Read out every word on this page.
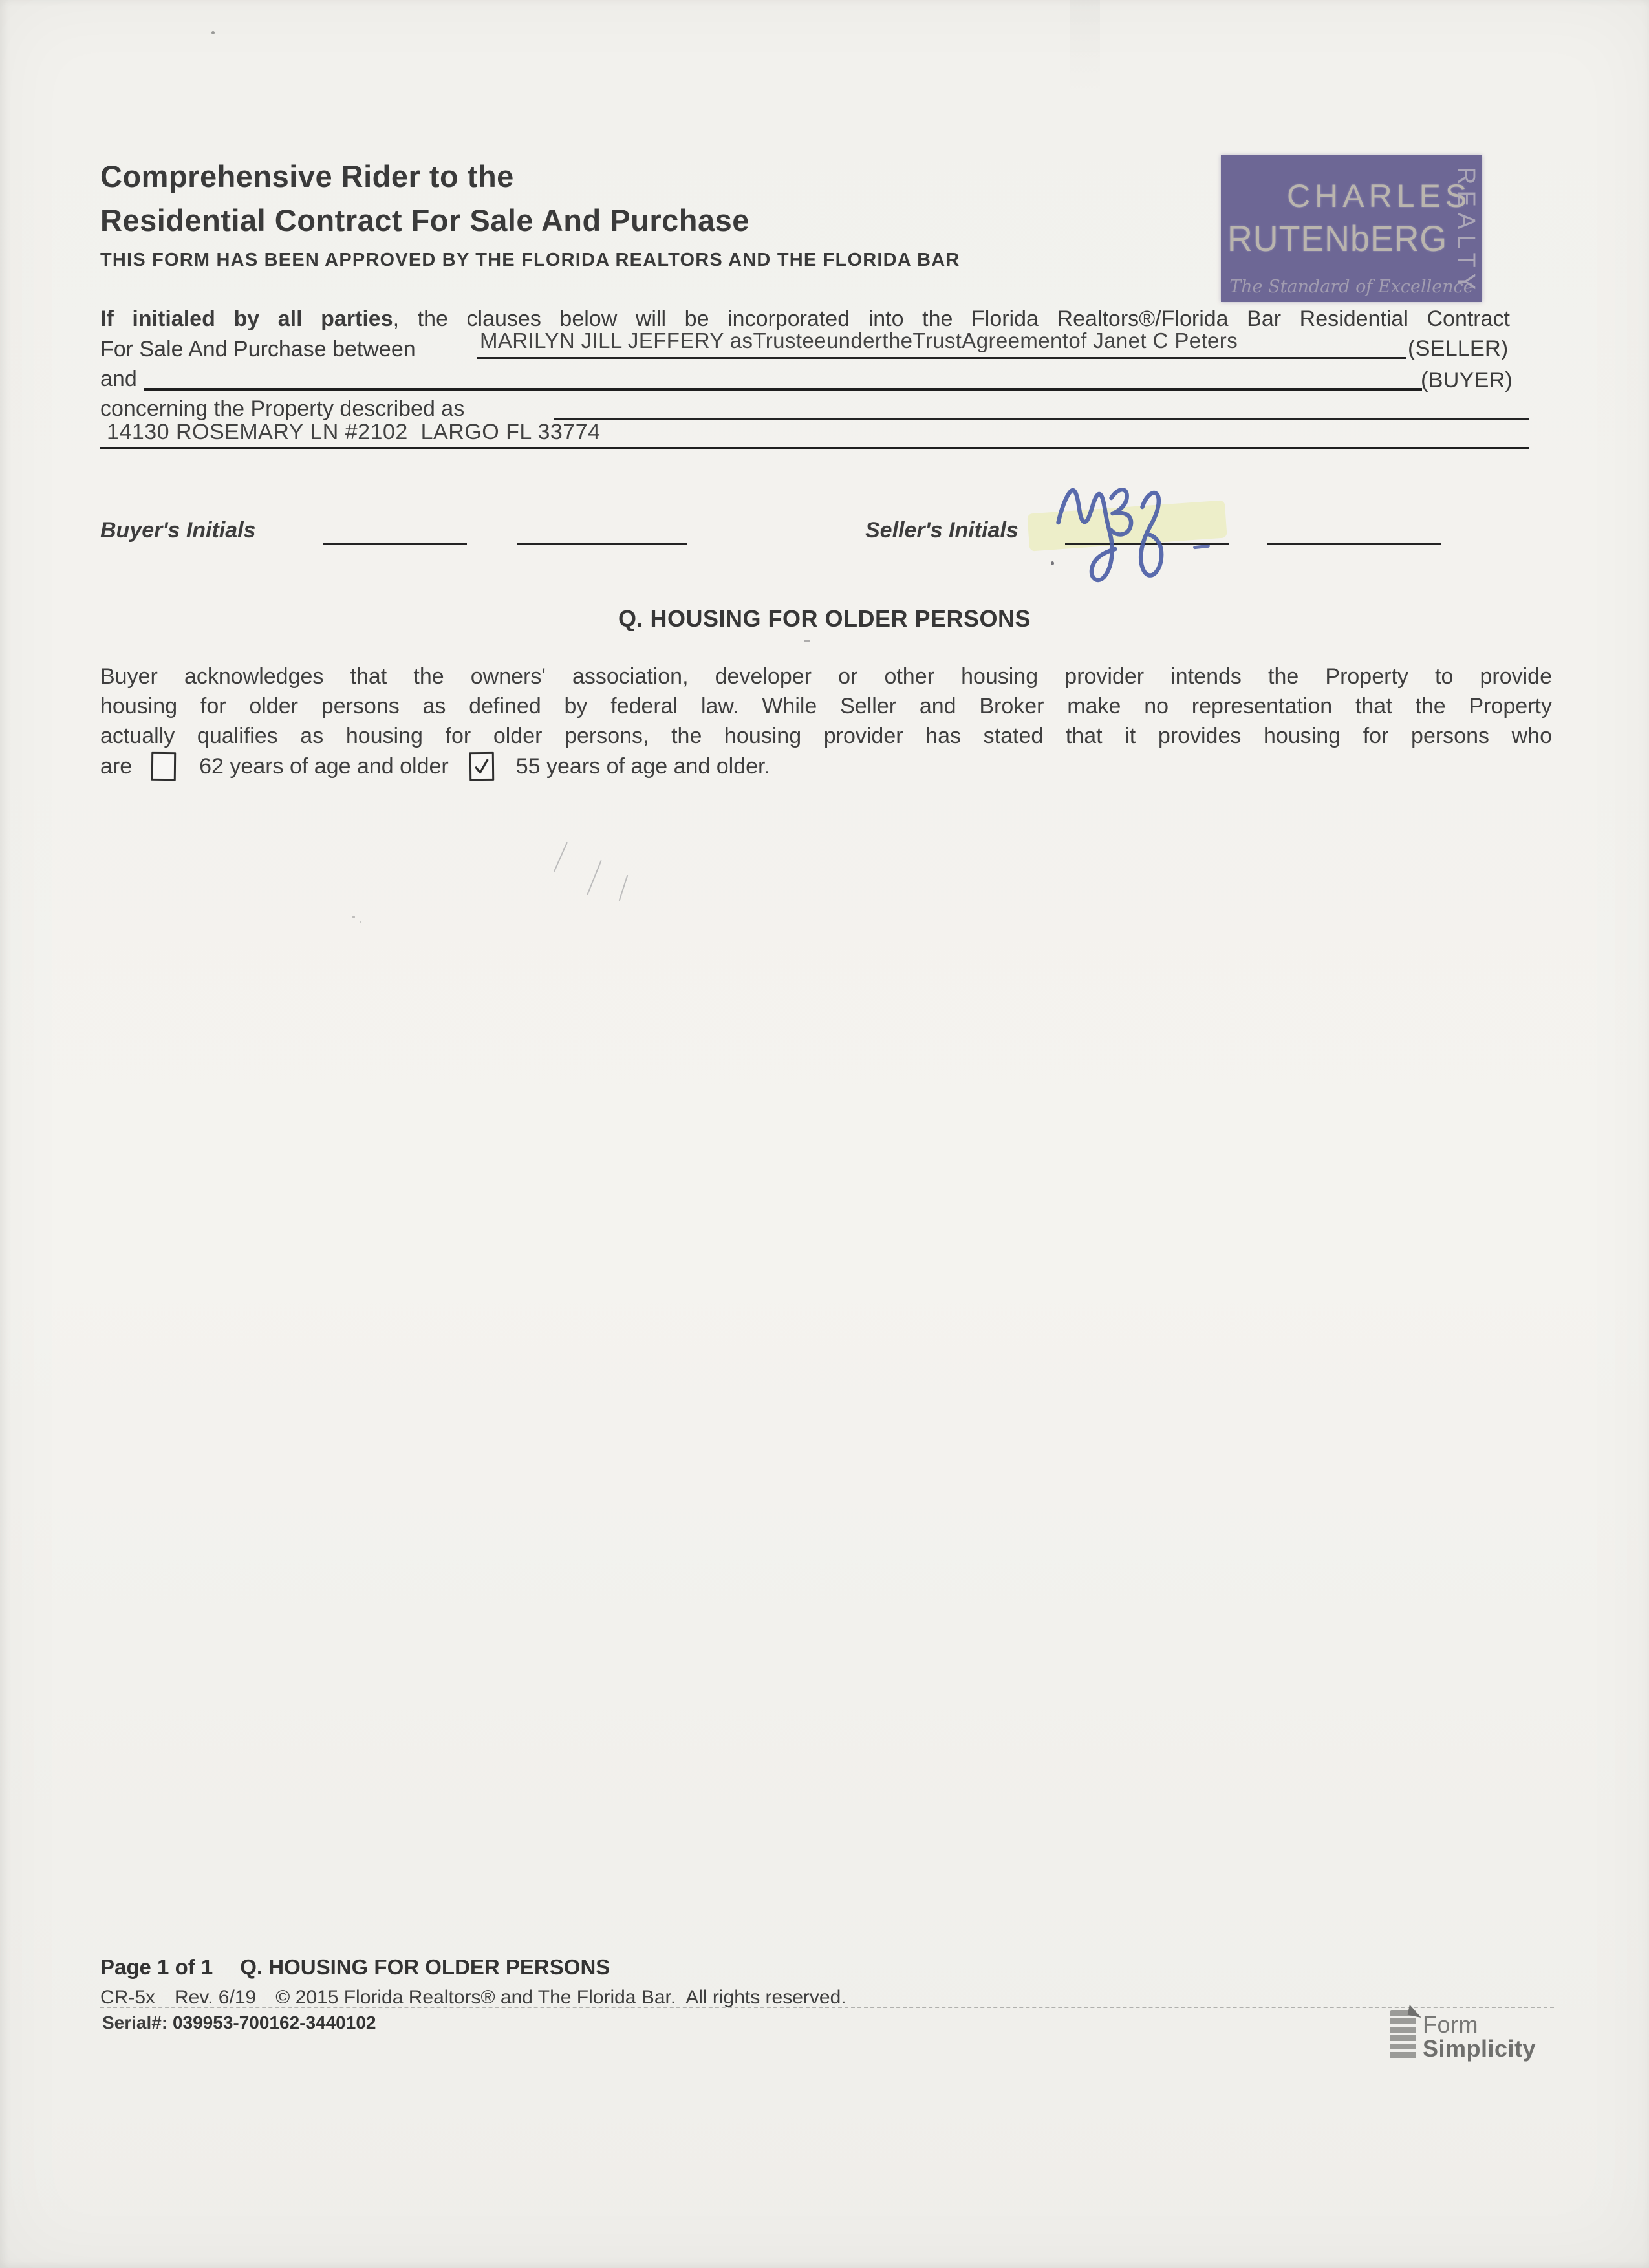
Comprehensive Rider to the
Residential Contract For Sale And Purchase
THIS FORM HAS BEEN APPROVED BY THE FLORIDA REALTORS AND THE FLORIDA BAR
CHARLES
RUTENbERG REALTY
The Standard of Excellence
If initialed by all parties, the clauses below will be incorporated into the Florida Realtors®/Florida Bar Residential Contract
For Sale And Purchase between	MARILYN JILL JEFFERY asTrusteeundertheTrustAgreementof Janet C Peters	(SELLER)
and	(BUYER)
concerning the Property described as
14130 ROSEMARY LN #2102  LARGO FL 33774
Buyer's Initials	Seller's Initials
Q. HOUSING FOR OLDER PERSONS
Buyer acknowledges that the owners' association, developer or other housing provider intends the Property to provide
housing for older persons as defined by federal law. While Seller and Broker make no representation that the Property
actually qualifies as housing for older persons, the housing provider has stated that it provides housing for persons who
are	62 years of age and older	55 years of age and older.
Page 1 of 1 Q. HOUSING FOR OLDER PERSONS
CR-5x Rev. 6/19 © 2015 Florida Realtors® and The Florida Bar.  All rights reserved.
Serial#: 039953-700162-3440102	Form
Simplicity
